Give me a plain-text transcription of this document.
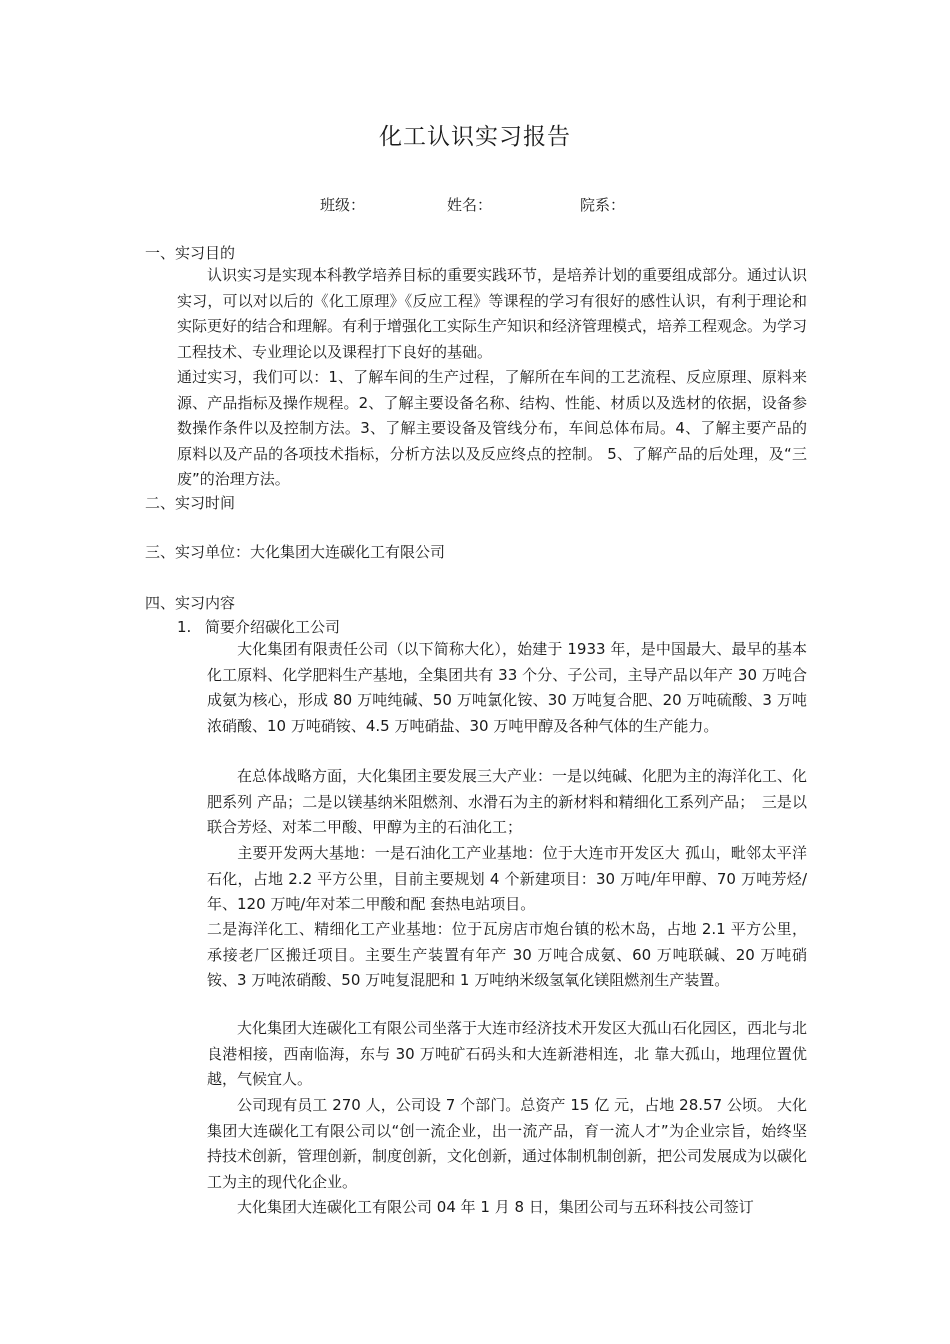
化工认识实习报告
班级：	姓名：	院系：
一、实习目的
认识实习是实现本科教学培养目标的重要实践环节，是培养计划的重要组成部分。通过认识实习，可以对以后的《化工原理》《反应工程》等课程的学习有很好的感性认识，有利于理论和实际更好的结合和理解。有利于增强化工实际生产知识和经济管理模式，培养工程观念。为学习工程技术、专业理论以及课程打下良好的基础。
通过实习，我们可以：1、了解车间的生产过程，了解所在车间的工艺流程、反应原理、原料来源、产品指标及操作规程。2、了解主要设备名称、结构、性能、材质以及选材的依据，设备参数操作条件以及控制方法。3、了解主要设备及管线分布，车间总体布局。4、了解主要产品的原料以及产品的各项技术指标，分析方法以及反应终点的控制。 5、了解产品的后处理，及“三废”的治理方法。
二、实习时间
三、实习单位：大化集团大连碳化工有限公司
四、实习内容
1. 简要介绍碳化工公司
大化集团有限责任公司（以下简称大化），始建于 1933 年，是中国最大、最早的基本化工原料、化学肥料生产基地，全集团共有 33 个分、子公司，主导产品以年产 30 万吨合成氨为核心，形成 80 万吨纯碱、50 万吨氯化铵、30 万吨复合肥、20 万吨硫酸、3 万吨浓硝酸、10 万吨硝铵、4.5 万吨硝盐、30 万吨甲醇及各种气体的生产能力。
在总体战略方面，大化集团主要发展三大产业：一是以纯碱、化肥为主的海洋化工、化肥系列 产品；二是以镁基纳米阻燃剂、水滑石为主的新材料和精细化工系列产品；　三是以联合芳烃、对苯二甲酸、甲醇为主的石油化工；
主要开发两大基地：一是石油化工产业基地：位于大连市开发区大 孤山，毗邻太平洋石化，占地 2.2 平方公里，目前主要规划 4 个新建项目：30 万吨/年甲醇、70 万吨芳烃/年、120 万吨/年对苯二甲酸和配 套热电站项目。
二是海洋化工、精细化工产业基地：位于瓦房店市炮台镇的松木岛，占地 2.1 平方公里，承接老厂区搬迁项目。主要生产装置有年产 30 万吨合成氨、60 万吨联碱、20 万吨硝铵、3 万吨浓硝酸、50 万吨复混肥和 1 万吨纳米级氢氧化镁阻燃剂生产装置。
大化集团大连碳化工有限公司坐落于大连市经济技术开发区大孤山石化园区，西北与北良港相接，西南临海，东与 30 万吨矿石码头和大连新港相连，北 靠大孤山，地理位置优越，气候宜人。
公司现有员工 270 人，公司设 7 个部门。总资产 15 亿 元，占地 28.57 公顷。 大化集团大连碳化工有限公司以“创一流企业，出一流产品，育一流人才”为企业宗旨，始终坚持技术创新，管理创新，制度创新，文化创新，通过体制机制创新，把公司发展成为以碳化工为主的现代化企业。
大化集团大连碳化工有限公司 04 年 1 月 8 日，集团公司与五环科技公司签订
